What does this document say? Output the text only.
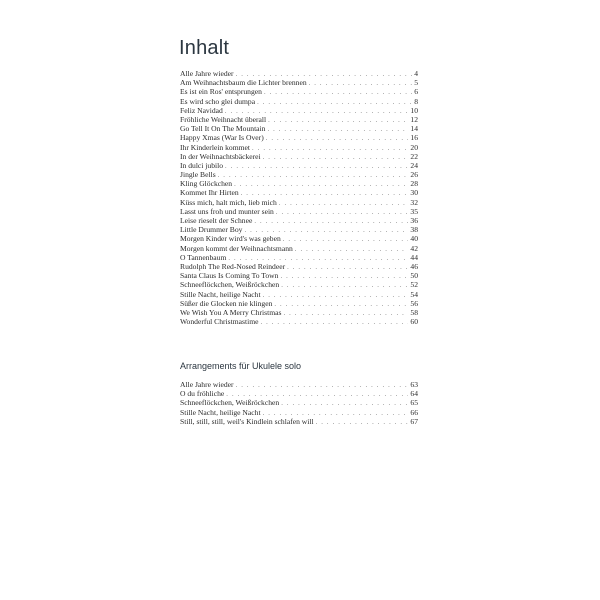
Inhalt
Alle Jahre wieder . . .	4
Am Weihnachtsbaum die Lichter brennen . . .	5
Es ist ein Ros' entsprungen . . .	6
Es wird scho glei dumpa . . .	8
Feliz Navidad . . .	10
Fröhliche Weihnacht überall . . .	12
Go Tell It On The Mountain . . .	14
Happy Xmas (War Is Over) . . .	16
Ihr Kinderlein kommet . . .	20
In der Weihnachtsbäckerei . . .	22
In dulci jubilo . . .	24
Jingle Bells . . .	26
Kling Glöckchen . . .	28
Kommet Ihr Hirten . . .	30
Küss mich, halt mich, lieb mich . . .	32
Lasst uns froh und munter sein . . .	35
Leise rieselt der Schnee . . .	36
Little Drummer Boy . . .	38
Morgen Kinder wird's was geben . . .	40
Morgen kommt der Weihnachtsmann . . .	42
O Tannenbaum . . .	44
Rudolph The Red-Nosed Reindeer . . .	46
Santa Claus Is Coming To Town . . .	50
Schneeflöckchen, Weißröckchen . . .	52
Stille Nacht, heilige Nacht . . .	54
Süßer die Glocken nie klingen . . .	56
We Wish You A Merry Christmas . . .	58
Wonderful Christmastime . . .	60
Arrangements für Ukulele solo
Alle Jahre wieder . . .	63
O du fröhliche . . .	64
Schneeflöckchen, Weißröckchen . . .	65
Stille Nacht, heilige Nacht . . .	66
Still, still, still, weil's Kindlein schlafen will . . .	67
